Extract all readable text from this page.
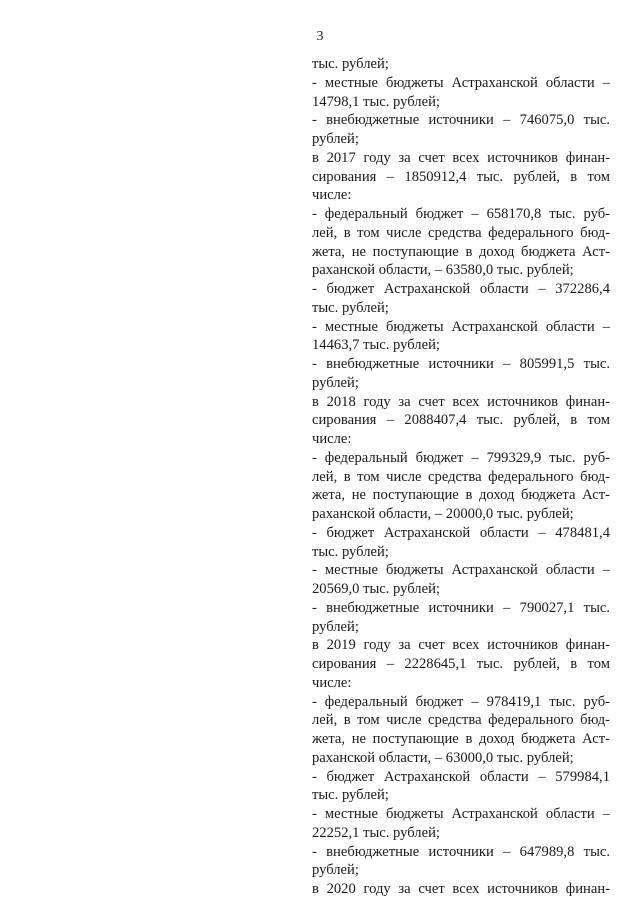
3
тыс. рублей;
- местные бюджеты Астраханской области –
14798,1 тыс. рублей;
- внебюджетные источники – 746075,0 тыс.
рублей;
в 2017 году за счет всех источников финан-
сирования – 1850912,4 тыс. рублей, в том
числе:
- федеральный бюджет – 658170,8 тыс. руб-
лей, в том числе средства федерального бюд-
жета, не поступающие в доход бюджета Аст-
раханской области, – 63580,0 тыс. рублей;
- бюджет Астраханской области – 372286,4
тыс. рублей;
- местные бюджеты Астраханской области –
14463,7 тыс. рублей;
- внебюджетные источники – 805991,5 тыс.
рублей;
в 2018 году за счет всех источников финан-
сирования – 2088407,4 тыс. рублей, в том
числе:
- федеральный бюджет – 799329,9 тыс. руб-
лей, в том числе средства федерального бюд-
жета, не поступающие в доход бюджета Аст-
раханской области, – 20000,0 тыс. рублей;
- бюджет Астраханской области – 478481,4
тыс. рублей;
- местные бюджеты Астраханской области –
20569,0 тыс. рублей;
- внебюджетные источники – 790027,1 тыс.
рублей;
в 2019 году за счет всех источников финан-
сирования – 2228645,1 тыс. рублей, в том
числе:
- федеральный бюджет – 978419,1 тыс. руб-
лей, в том числе средства федерального бюд-
жета, не поступающие в доход бюджета Аст-
раханской области, – 63000,0 тыс. рублей;
- бюджет Астраханской области – 579984,1
тыс. рублей;
- местные бюджеты Астраханской области –
22252,1 тыс. рублей;
- внебюджетные источники – 647989,8 тыс.
рублей;
в 2020 году за счет всех источников финан-
